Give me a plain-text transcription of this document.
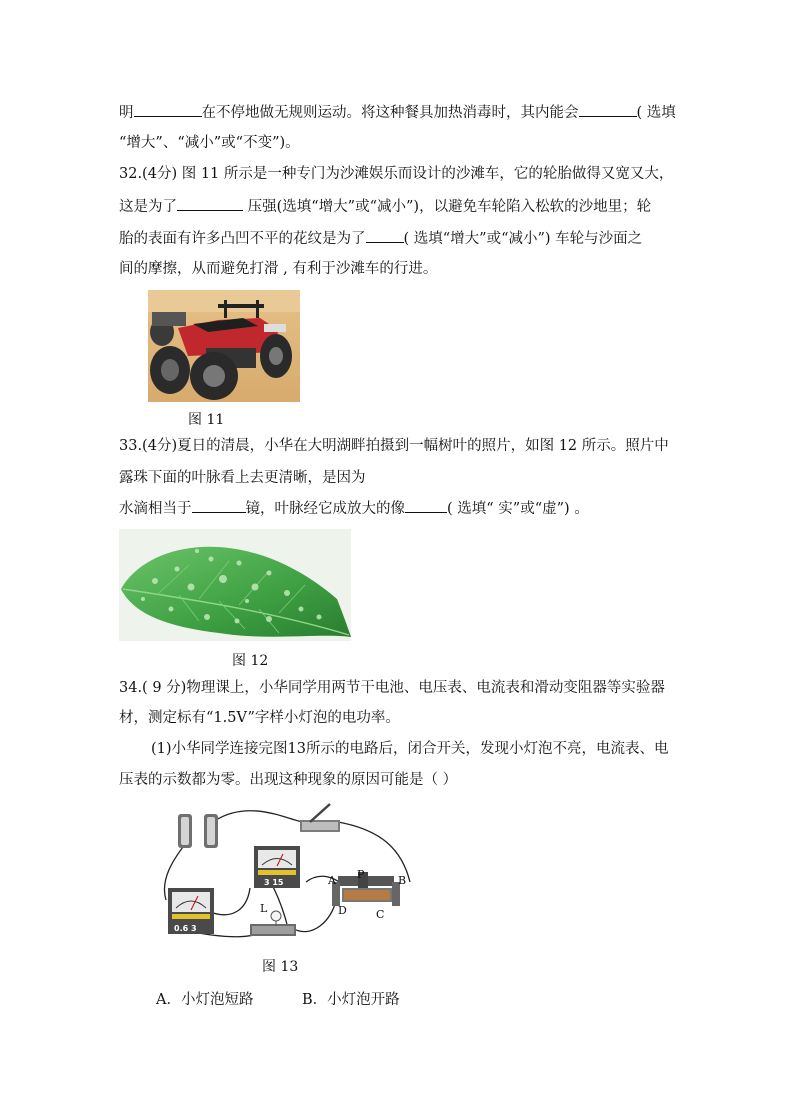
明	在不停地做无规则运动。将这种餐具加热消毒时，其内能会	( 选填
“增大”、“减小”或“不变”)。
32.(4分) 图 11 所示是一种专门为沙滩娱乐而设计的沙滩车，它的轮胎做得又宽又大，
这是为了	压强(选填“增大”或“减小”)，以避免车轮陷入松软的沙地里；轮
胎的表面有许多凸凹不平的花纹是为了	( 选填“增大”或“减小”) 车轮与沙面之
间的摩擦，从而避免打滑 , 有利于沙滩车的行进。
图 11
33.(4分)夏日的清晨，小华在大明湖畔拍摄到一幅树叶的照片，如图 12 所示。照片中
露珠下面的叶脉看上去更清晰，是因为
水滴相当于	镜，叶脉经它成放大的像	( 选填“ 实”或“虚”) 。
图 12
34.( 9 分)物理课上，小华同学用两节干电池、电压表、电流表和滑动变阻器等实验器
材，测定标有“1.5V”字样小灯泡的电功率。
(1)小华同学连接完图13所示的电路后，闭合开关，发现小灯泡不亮，电流表、电
压表的示数都为零。出现这种现象的原因可能是（ ）
0.6 3
3 15
L
A P	B
D	C
图 13
A．小灯泡短路	B．小灯泡开路
